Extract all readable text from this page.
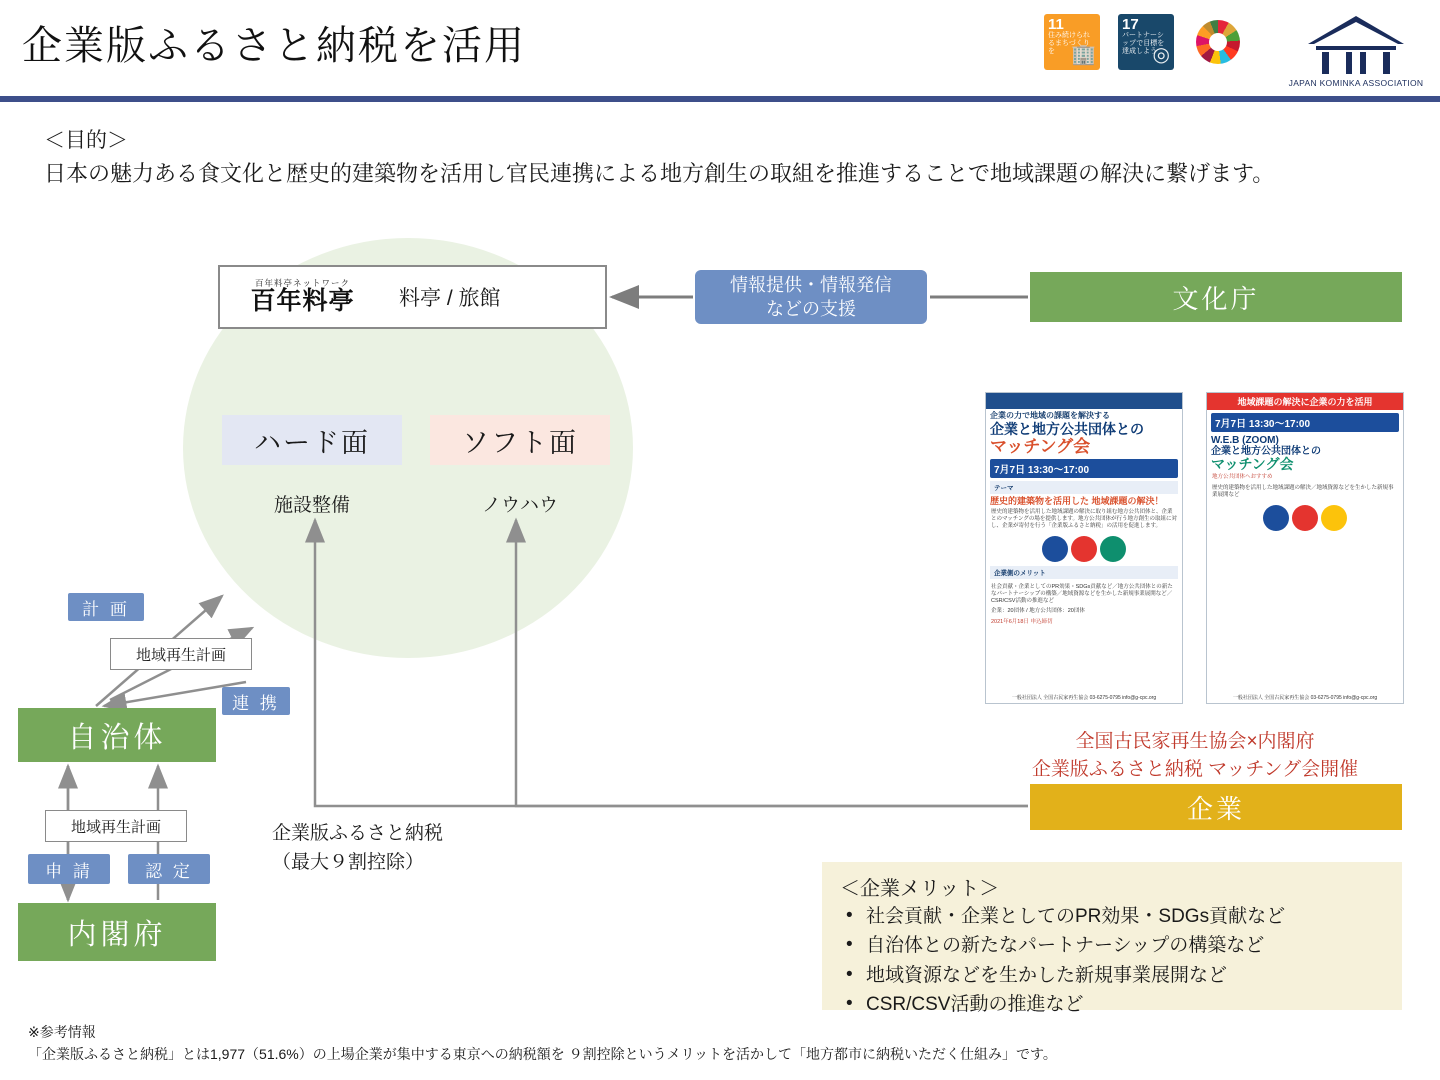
企業版ふるさと納税を活用	11
住み続けられるまちづくりを 🏢
17
パートナーシップで目標を達成しよう
◎
JAPAN KOMINKA ASSOCIATION
＜目的＞
日本の魅力ある食文化と歴史的建築物を活用し官民連携による地方創生の取組を推進することで地域課題の解決に繋げます。
百年料亭ネットワーク
百年料亭	料亭 / 旅館
情報提供・情報発信
などの支援	文化庁
ハード面	ソフト面
施設整備	ノウハウ
計 画
地域再生計画
連 携
自治体
地域再生計画
申 請	認 定
内閣府
企業版ふるさと納税
（最大９割控除）
企業
企業の力で地域の課題を解決する
企業と地方公共団体との
マッチング会
7月7日 13:30〜17:00
テーマ
歴史的建築物を活用した 地域課題の解決！
歴史的建築物を活用した地域課題の解決に取り組む地方公共団体と、企業とのマッチングの場を提供します。地方公共団体が行う地方創生の取組に対し、企業が寄付を行う「企業版ふるさと納税」の活用を促進します。
企業側のメリット
社会貢献・企業としてのPR効果・SDGs貢献など／地方公共団体との新たなパートナーシップの構築／地域資源などを生かした新規事業展開など／CSR/CSV活動の推進など
企業：20団体 / 地方公共団体：20団体
2021年6月18日 申込締切
一般社団法人 全国古民家再生協会 03-6275-0795 info@g-cpc.org
地域課題の解決に企業の力を活用
7月7日 13:30〜17:00
W.E.B (ZOOM)
企業と地方公共団体との
マッチング会
地方公共団体へおすすめ
歴史的建築物を活用した地域課題の解決／地域資源などを生かした新規事業展開など
一般社団法人 全国古民家再生協会 03-6275-0795 info@g-cpc.org
全国古民家再生協会×内閣府
企業版ふるさと納税 マッチング会開催
＜企業メリット＞
• 社会貢献・企業としてのPR効果・SDGs貢献など
• 自治体との新たなパートナーシップの構築など
• 地域資源などを生かした新規事業展開など
• CSR/CSV活動の推進など
※参考情報
「企業版ふるさと納税」とは1,977（51.6%）の上場企業が集中する東京への納税額を ９割控除というメリットを活かして「地方都市に納税いただく仕組み」です。
